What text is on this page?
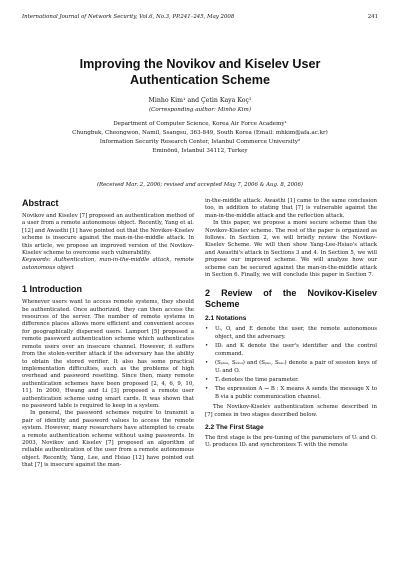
International Journal of Network Security, Vol.6, No.3, PP.241–245, May 2008	241
Improving the Novikov and Kiselev User Authentication Scheme
Minho Kim¹ and Çetin Kaya Koç²
(Corresponding author: Minho Kim)
Department of Computer Science, Korea Air Force Academy¹
Chungbuk, Cheongwon, Namil, Ssangsu, 363-849, South Korea (Email: mhkim@afa.ac.kr)
Information Security Research Center, Istanbul Commerce University²
Eminönü, Istanbul 34112, Turkey
(Received Mar. 2, 2006; revised and accepted May 7, 2006 & Aug. 8, 2006)
Abstract

Novikov and Kiselev [7] proposed an authentication method of a user from a remote autonomous object. Recently, Yang et al. [12] and Awasthi [1] have pointed out that the Novikov-Kiselev scheme is insecure against the man-in-the-middle attack. In this article, we propose an improved version of the Novikov-Kiselev scheme to overcome such vulnerability.

Keywords: Authentication, man-in-the-middle attack, remote autonomous object

1 Introduction

Whenever users want to access remote systems, they should be authenticated. Once authorized, they can then access the resources of the server. The number of remote systems in difference places allows more efficient and convenient access for geographically dispersed users. Lamport [5] proposed a remote password authentication scheme which authenticates remote users over an insecure channel. However, it suffers from the stolen-verifier attack if the adversary has the ability to obtain the stored verifier. It also has some practical implementation difficulties, such as the problems of high overhead and password resetting. Since then, many remote authentication schemes have been proposed [2, 4, 6, 9, 10, 11]. In 2000, Hwang and Li [3] proposed a remote user authentication scheme using smart cards. It was shown that no password table is required to keep in a system.

In general, the password schemes require to transmit a pair of identity and password values to access the remote system. However, many researchers have attempted to create a remote authentication scheme without using passwords. In 2003, Novikov and Kiselev [7] proposed an algorithm of reliable authentication of the user from a remote autonomous object. Recently, Yang, Lee, and Hsiao [12] have pointed out that [7] is insecure against the man-

in-the-middle attack. Awasthi [1] came to the same conclusion too, in addition to stating that [7] is vulnerable against the man-in-the-middle attack and the reflection attack.

In this paper, we propose a more secure scheme than the Novikov-Kiselev scheme. The rest of the paper is organized as follows. In Section 2, we will briefly review the Novikov-Kiselev Scheme. We will then show Yang-Lee-Hsiao's attack and Awasthi's attack in Sections 3 and 4. In Section 5, we will propose our improved scheme. We will analyze how our scheme can be secured against the man-in-the-middle attack in Section 6. Finally, we will conclude this paper in Section 7.

2 Review of the Novikov-Kiselev Scheme
2.1 Notations

•	Uᵢ, O, and E denote the user, the remote autonomous object, and the adversary.

•	IDᵢ and K denote the user's identifier and the control command.

•	(Sₚₖᵤᵢ, Sₛₖᵤᵢ) and (Sₚₖₒ, Sₛₖₒ) denote a pair of session keys of Uᵢ and O.

•	Tᵢ denotes the time parameter.

•	The expression A → B : X means A sends the message X to B via a public communication channel.

The Novikov-Kiselev authentication scheme described in [7] comes in two stages described below.

2.2 The First Stage

The first stage is the pre-tuning of the parameters of Uᵢ and O. Uᵢ produces IDᵢ and synchronizes Tᵢ with the remote
